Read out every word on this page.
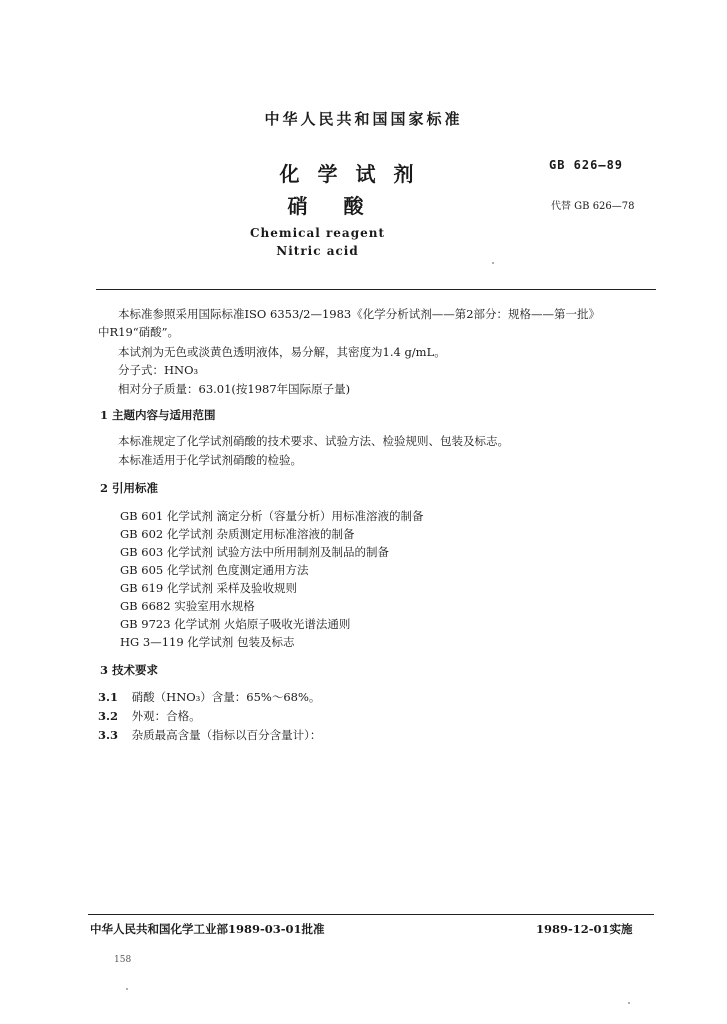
中华人民共和国国家标准
GB 626—89
代替 GB 626—78
化学试剂
硝酸
Chemical reagent
Nitric acid
本标准参照采用国际标准ISO 6353/2—1983《化学分析试剂——第2部分：规格——第一批》
中R19“硝酸”。
本试剂为无色或淡黄色透明液体，易分解，其密度为1.4 g/mL。
分子式：HNO₃
相对分子质量：63.01(按1987年国际原子量)
1 主题内容与适用范围
本标准规定了化学试剂硝酸的技术要求、试验方法、检验规则、包装及标志。
本标准适用于化学试剂硝酸的检验。
2 引用标准
GB 601 化学试剂 滴定分析（容量分析）用标准溶液的制备
GB 602 化学试剂 杂质测定用标准溶液的制备
GB 603 化学试剂 试验方法中所用制剂及制品的制备
GB 605 化学试剂 色度测定通用方法
GB 619 化学试剂 采样及验收规则
GB 6682 实验室用水规格
GB 9723 化学试剂 火焰原子吸收光谱法通则
HG 3—119 化学试剂 包装及标志
3 技术要求
3.1 硝酸（HNO₃）含量：65%～68%。
3.2 外观：合格。
3.3 杂质最高含量（指标以百分含量计）：
中华人民共和国化学工业部1989-03-01批准	1989-12-01实施
158
